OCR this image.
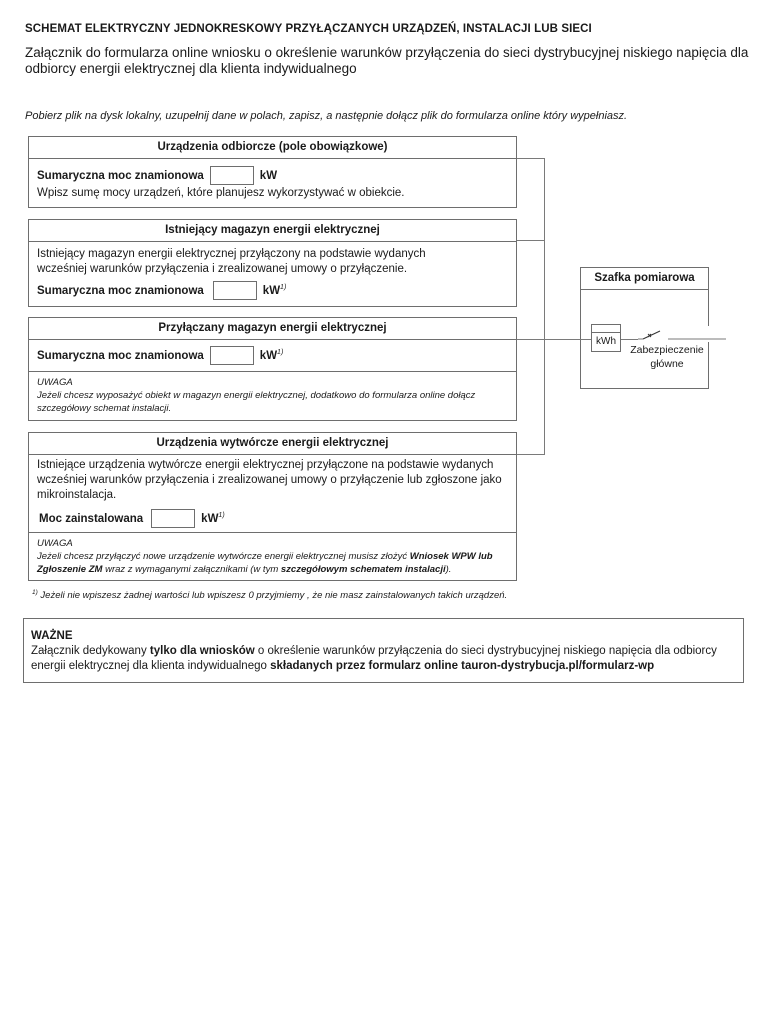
SCHEMAT ELEKTRYCZNY JEDNOKRESKOWY PRZYŁĄCZANYCH URZĄDZEŃ, INSTALACJI LUB SIECI
Załącznik do formularza online wniosku o określenie warunków przyłączenia do sieci dystrybucyjnej niskiego napięcia dla odbiorcy energii elektrycznej dla klienta indywidualnego
Pobierz plik na dysk lokalny, uzupełnij dane w polach, zapisz, a następnie dołącz plik do formularza online który wypełniasz.
Urządzenia odbiorcze (pole obowiązkowe)
Sumaryczna moc znamionowa	kW
Wpisz sumę mocy urządzeń, które planujesz wykorzystywać w obiekcie.
Istniejący magazyn energii elektrycznej
Istniejący magazyn energii elektrycznej przyłączony na podstawie wydanych wcześniej warunków przyłączenia i zrealizowanej umowy o przyłączenie.
Sumaryczna moc znamionowa	$kW^{1)}$
Przyłączany magazyn energii elektrycznej
Sumaryczna moc znamionowa	$kW^{1)}$
UWAGA
Jeżeli chcesz wyposażyć obiekt w magazyn energii elektrycznej, dodatkowo do formularza online dołącz szczegółowy schemat instalacji.
Urządzenia wytwórcze energii elektrycznej
Istniejące urządzenia wytwórcze energii elektrycznej przyłączone na podstawie wydanych wcześniej warunków przyłączenia i zrealizowanej umowy o przyłączenie lub zgłoszone jako mikroinstalacja.
Moc zainstalowana	$kW^{1)}$
UWAGA
Jeżeli chcesz przyłączyć nowe urządzenie wytwórcze energii elektrycznej musisz złożyć Wniosek WPW lub Zgłoszenie ZM wraz z wymaganymi załącznikami (w tym szczegółowym schematem instalacji).
Szafka pomiarowa
kWh
Zabezpieczenie
główne
$^{1)}$ Jeżeli nie wpiszesz żadnej wartości lub wpiszesz 0 przyjmiemy , że nie masz zainstalowanych takich urządzeń.
WAŻNE
Załącznik dedykowany tylko dla wniosków o określenie warunków przyłączenia do sieci dystrybucyjnej niskiego napięcia dla odbiorcy energii elektrycznej dla klienta indywidualnego składanych przez formularz online tauron-dystrybucja.pl/formularz-wp
